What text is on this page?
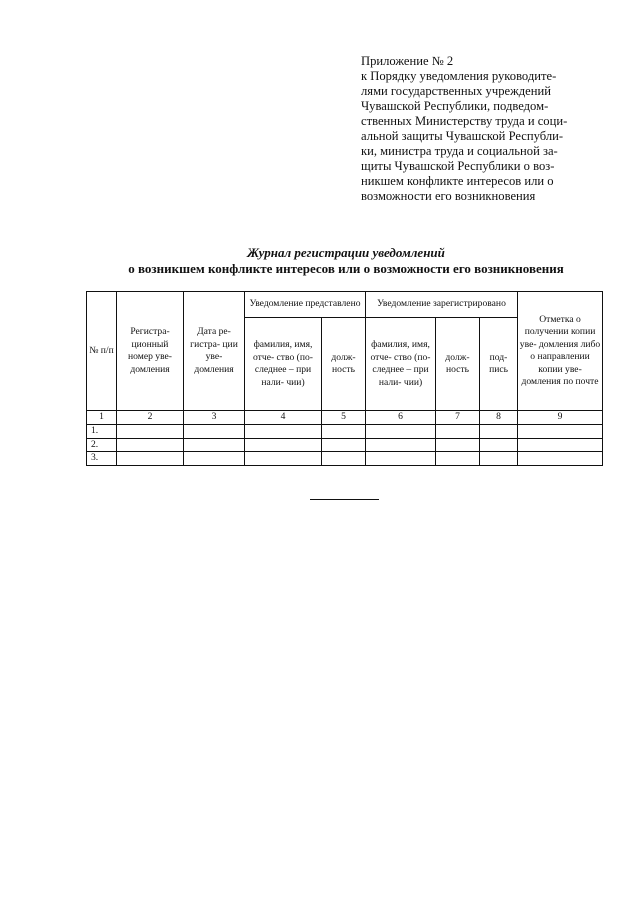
Приложение № 2
к Порядку уведомления руководите-
лями государственных учреждений
Чувашской Республики, подведом-
ственных Министерству труда и соци-
альной защиты Чувашской Республи-
ки, министра труда и социальной за-
щиты Чувашской Республики о воз-
никшем конфликте интересов или о
возможности его возникновения
Журнал регистрации уведомлений
о возникшем конфликте интересов или о возможности его возникновения
№ п/п	Регистра- ционный номер уве- домления	Дата ре- гистра- ции уве- домления	Уведомление представлено		Уведомление зарегистрировано			Отметка о получении копии уве- домления либо о направлении копии уве- домления по почте

			фамилия, имя, отче- ство (по- следнее – при нали- чии)	долж- ность	фамилия, имя, отче- ство (по- следнее – при нали- чии)	долж- ность	под- пись	

1	2	3	4	5	6	7	8	9
1.								
2.								
3.								
